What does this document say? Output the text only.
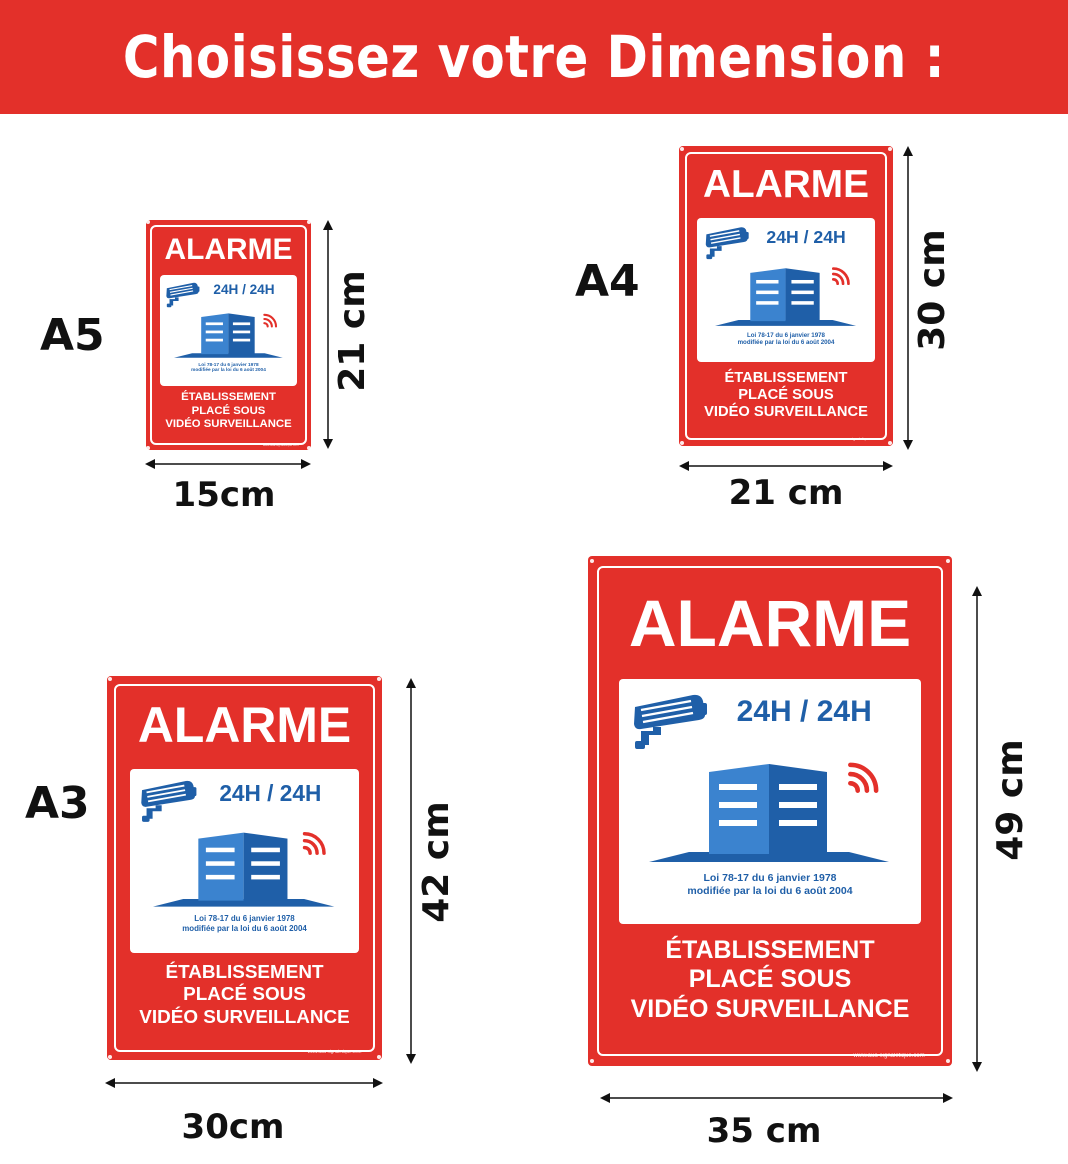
Choisissez votre Dimension :
A5
ALARME
24H / 24H
Loi 78-17 du 6 janvier 1978
modifiée par la loi du 6 août 2004
ÉTABLISSEMENT
PLACÉ SOUS
VIDÉO SURVEILLANCE
www.aua-signaletique.com
15cm
21 cm	A4
ALARME
24H / 24H
Loi 78-17 du 6 janvier 1978
modifiée par la loi du 6 août 2004
ÉTABLISSEMENT
PLACÉ SOUS
VIDÉO SURVEILLANCE
www.aua-signaletique.com
21 cm
30 cm
A3
ALARME
24H / 24H
Loi 78-17 du 6 janvier 1978
modifiée par la loi du 6 août 2004
ÉTABLISSEMENT
PLACÉ SOUS
VIDÉO SURVEILLANCE
www.aua-signaletique.com
30cm
42 cm
ALARME
24H / 24H
Loi 78-17 du 6 janvier 1978
modifiée par la loi du 6 août 2004
ÉTABLISSEMENT
PLACÉ SOUS
VIDÉO SURVEILLANCE
www.aua-signaletique.com
35 cm
49 cm
